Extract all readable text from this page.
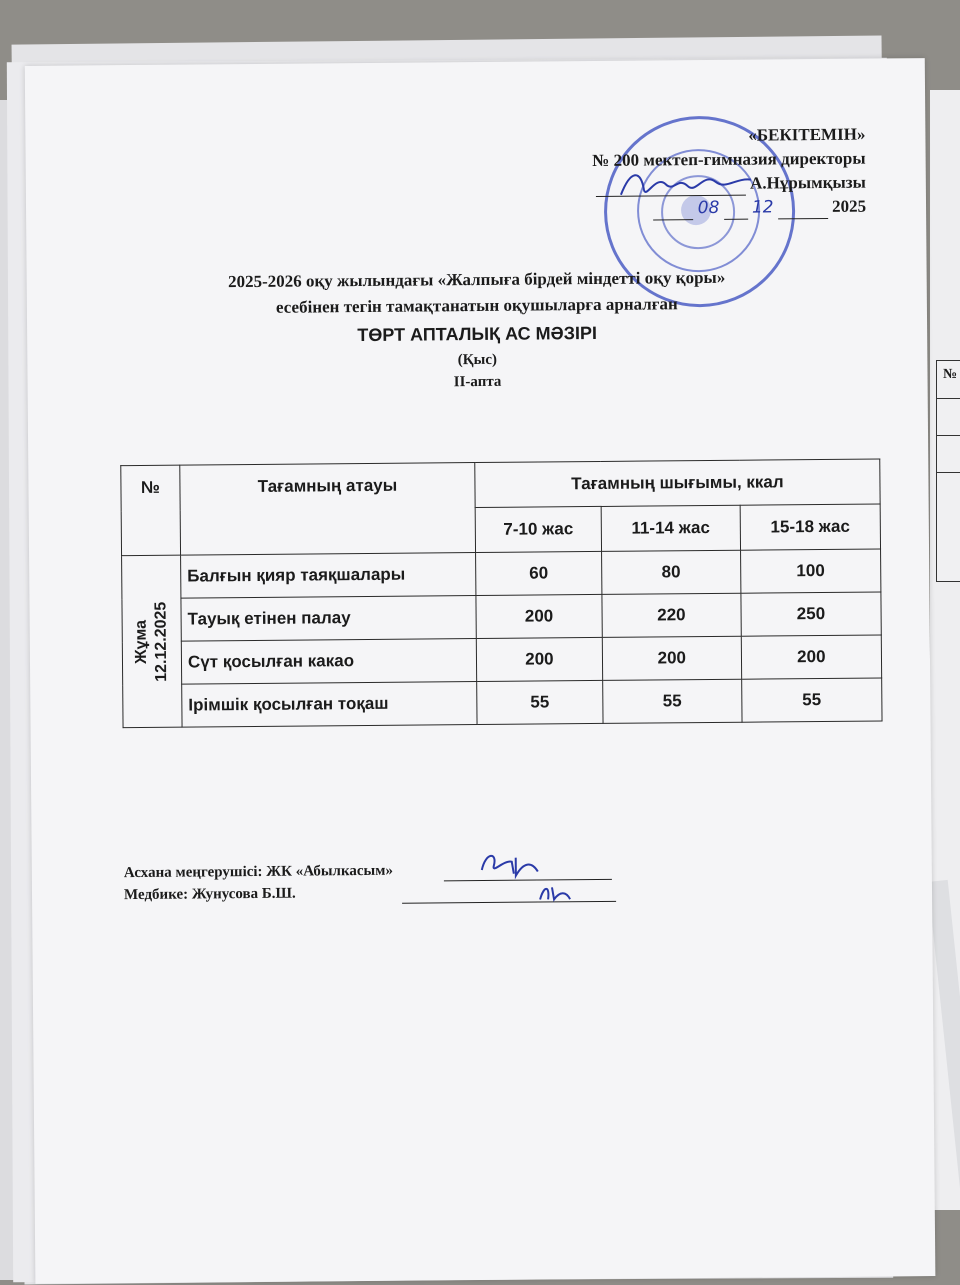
№
«БЕКІТЕМІН»
№ 200 мектеп-гимназия директоры
А.Нұрымқызы
08 12	2025
2025-2026 оқу жылындағы «Жалпыға бірдей міндетті оқу қоры»
есебінен тегін тамақтанатын оқушыларға арналған
ТӨРТ АПТАЛЫҚ АС МӘЗІРІ
(Қыс)
ІІ-апта
№	Тағамның атауы	Тағамның шығымы, ккал		
		7-10 жас	11-14 жас	15-18 жас

Жұма 12.12.2025	Балғын қияр таяқшалары	60	80	100
	Тауық етінен палау	200	220	250
	Сүт қосылған какао	200	200	200
	Ірімшік қосылған тоқаш	55	55	55
Асхана меңгерушісі: ЖК «Абылкасым»
Медбике: Жунусова Б.Ш.
